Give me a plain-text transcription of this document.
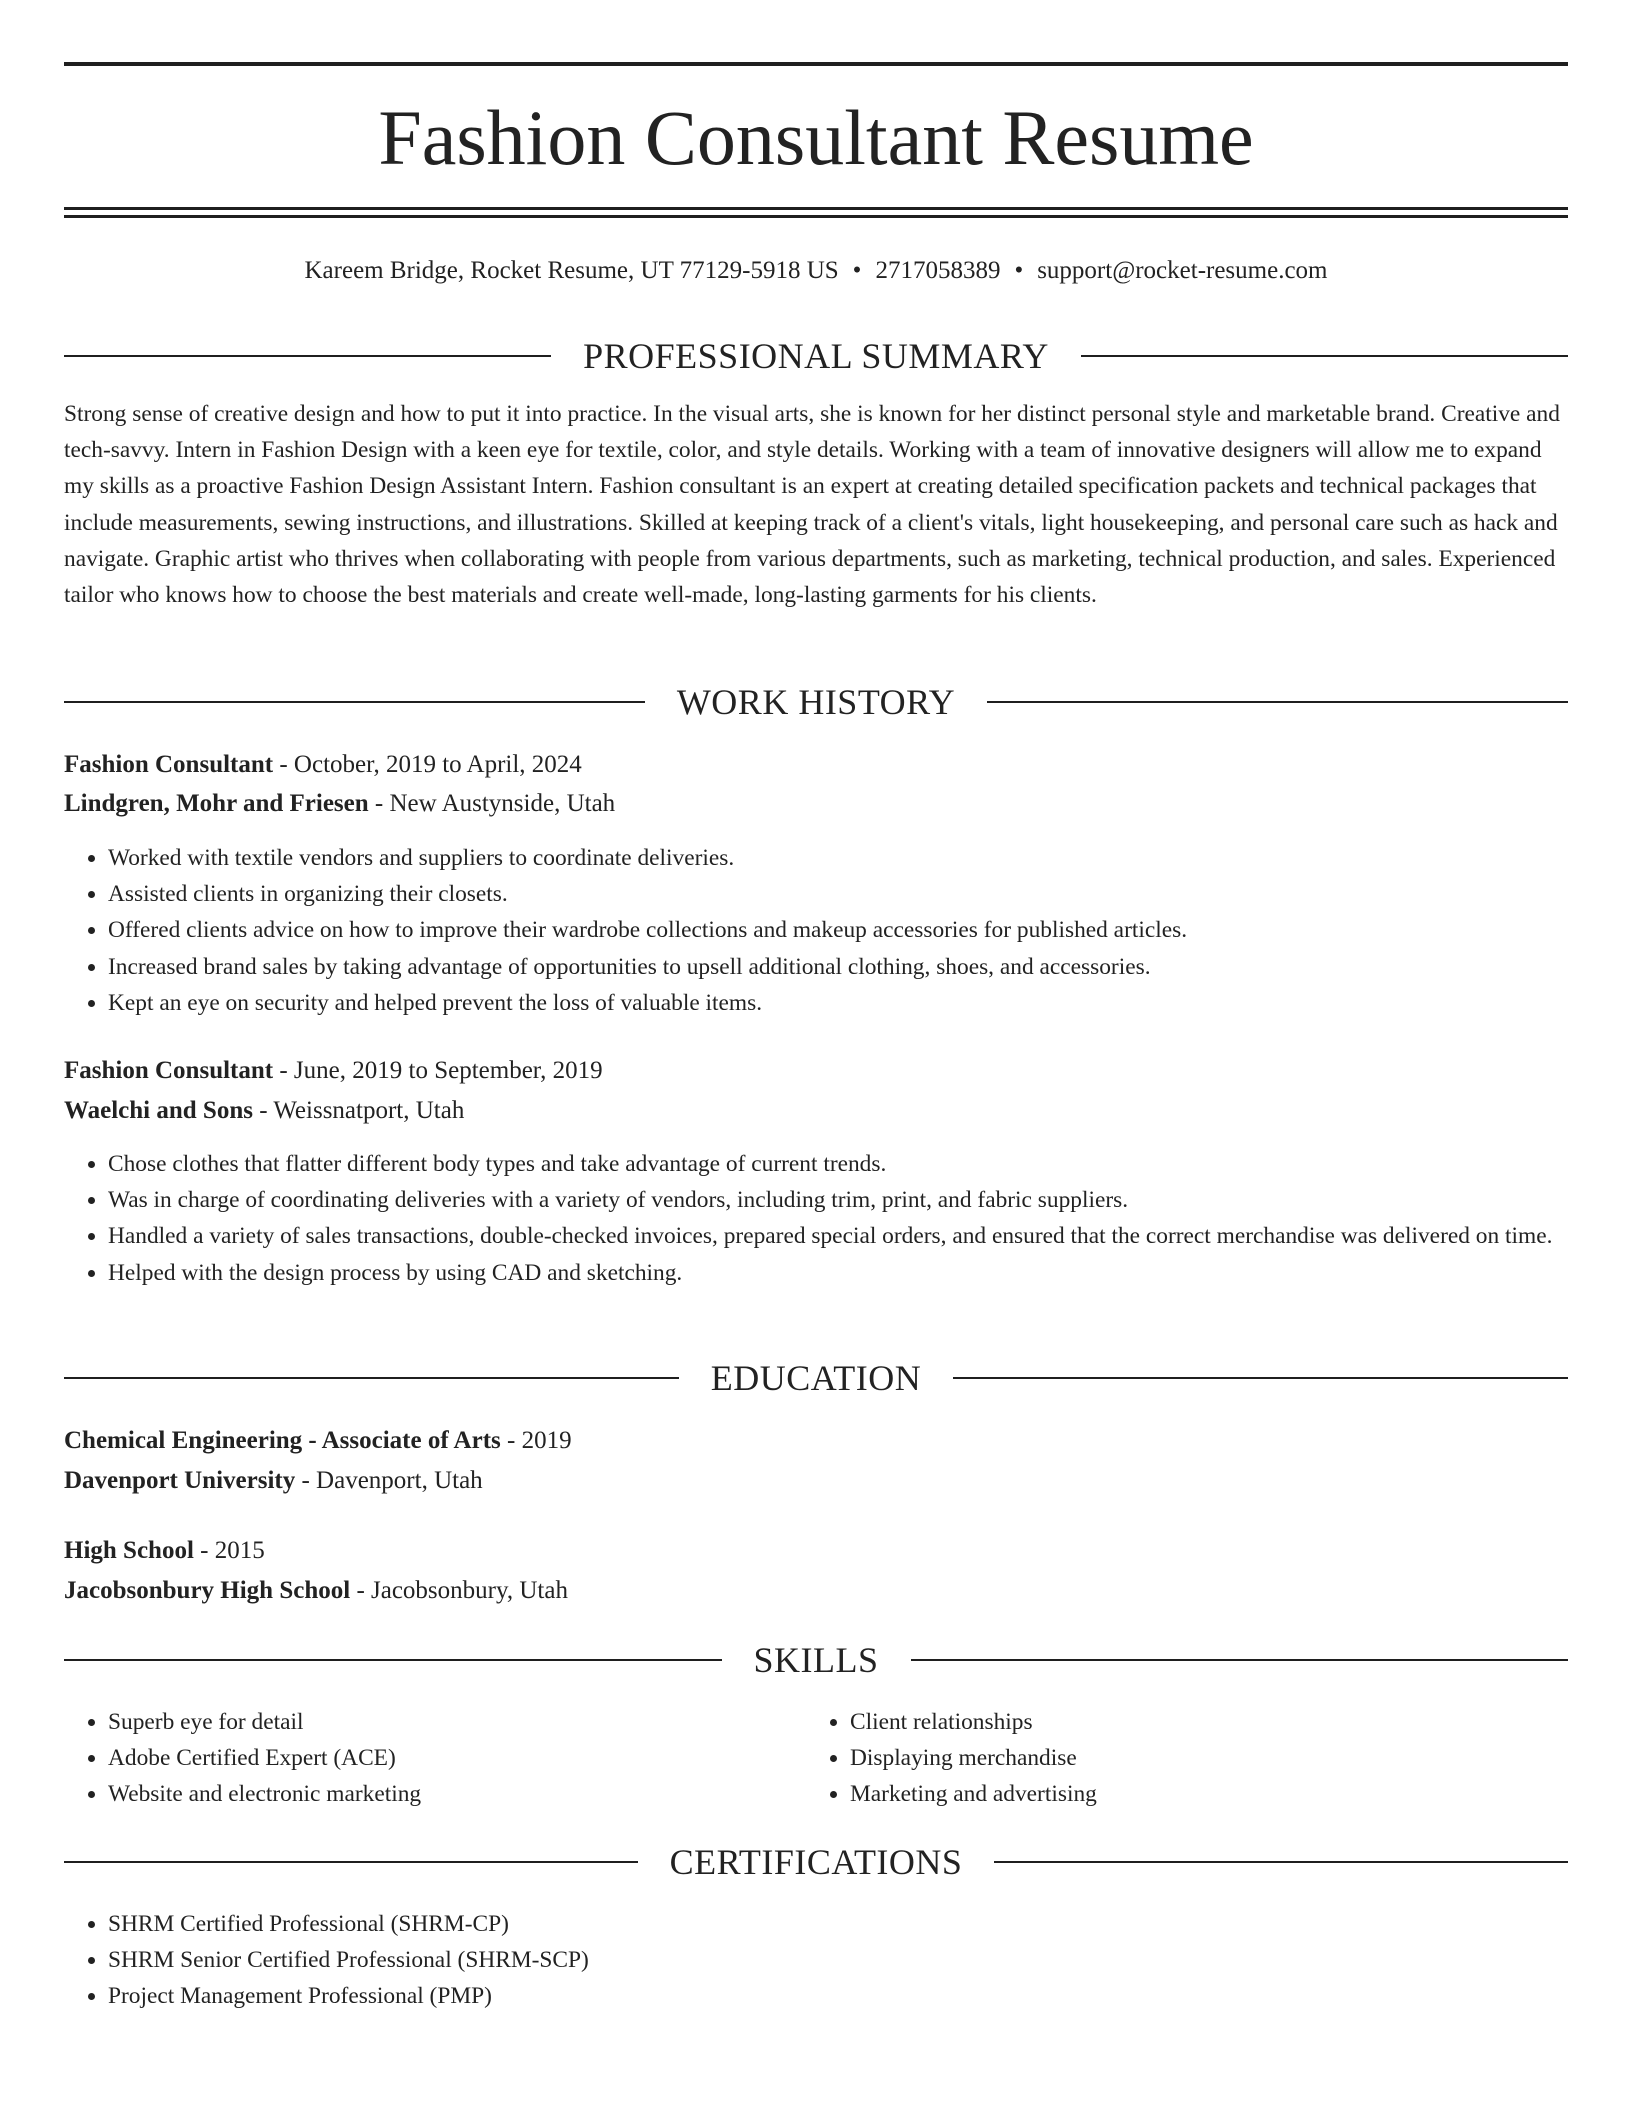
Fashion Consultant Resume
Kareem Bridge, Rocket Resume, UT 77129-5918 US • 2717058389 • support@rocket-resume.com
PROFESSIONAL SUMMARY
Strong sense of creative design and how to put it into practice. In the visual arts, she is known for her distinct personal style and marketable brand. Creative and tech-savvy. Intern in Fashion Design with a keen eye for textile, color, and style details. Working with a team of innovative designers will allow me to expand my skills as a proactive Fashion Design Assistant Intern. Fashion consultant is an expert at creating detailed specification packets and technical packages that include measurements, sewing instructions, and illustrations. Skilled at keeping track of a client's vitals, light housekeeping, and personal care such as hack and navigate. Graphic artist who thrives when collaborating with people from various departments, such as marketing, technical production, and sales. Experienced tailor who knows how to choose the best materials and create well-made, long-lasting garments for his clients.
WORK HISTORY
Fashion Consultant - October, 2019 to April, 2024
Lindgren, Mohr and Friesen - New Austynside, Utah
• Worked with textile vendors and suppliers to coordinate deliveries.
• Assisted clients in organizing their closets.
• Offered clients advice on how to improve their wardrobe collections and makeup accessories for published articles.
• Increased brand sales by taking advantage of opportunities to upsell additional clothing, shoes, and accessories.
• Kept an eye on security and helped prevent the loss of valuable items.
Fashion Consultant - June, 2019 to September, 2019
Waelchi and Sons - Weissnatport, Utah
• Chose clothes that flatter different body types and take advantage of current trends.
• Was in charge of coordinating deliveries with a variety of vendors, including trim, print, and fabric suppliers.
• Handled a variety of sales transactions, double-checked invoices, prepared special orders, and ensured that the correct merchandise was delivered on time.
• Helped with the design process by using CAD and sketching.
EDUCATION
Chemical Engineering - Associate of Arts - 2019
Davenport University - Davenport, Utah
High School - 2015
Jacobsonbury High School - Jacobsonbury, Utah
SKILLS
• Superb eye for detail
• Adobe Certified Expert (ACE)
• Website and electronic marketing
• Client relationships
• Displaying merchandise
• Marketing and advertising
CERTIFICATIONS
• SHRM Certified Professional (SHRM-CP)
• SHRM Senior Certified Professional (SHRM-SCP)
• Project Management Professional (PMP)
